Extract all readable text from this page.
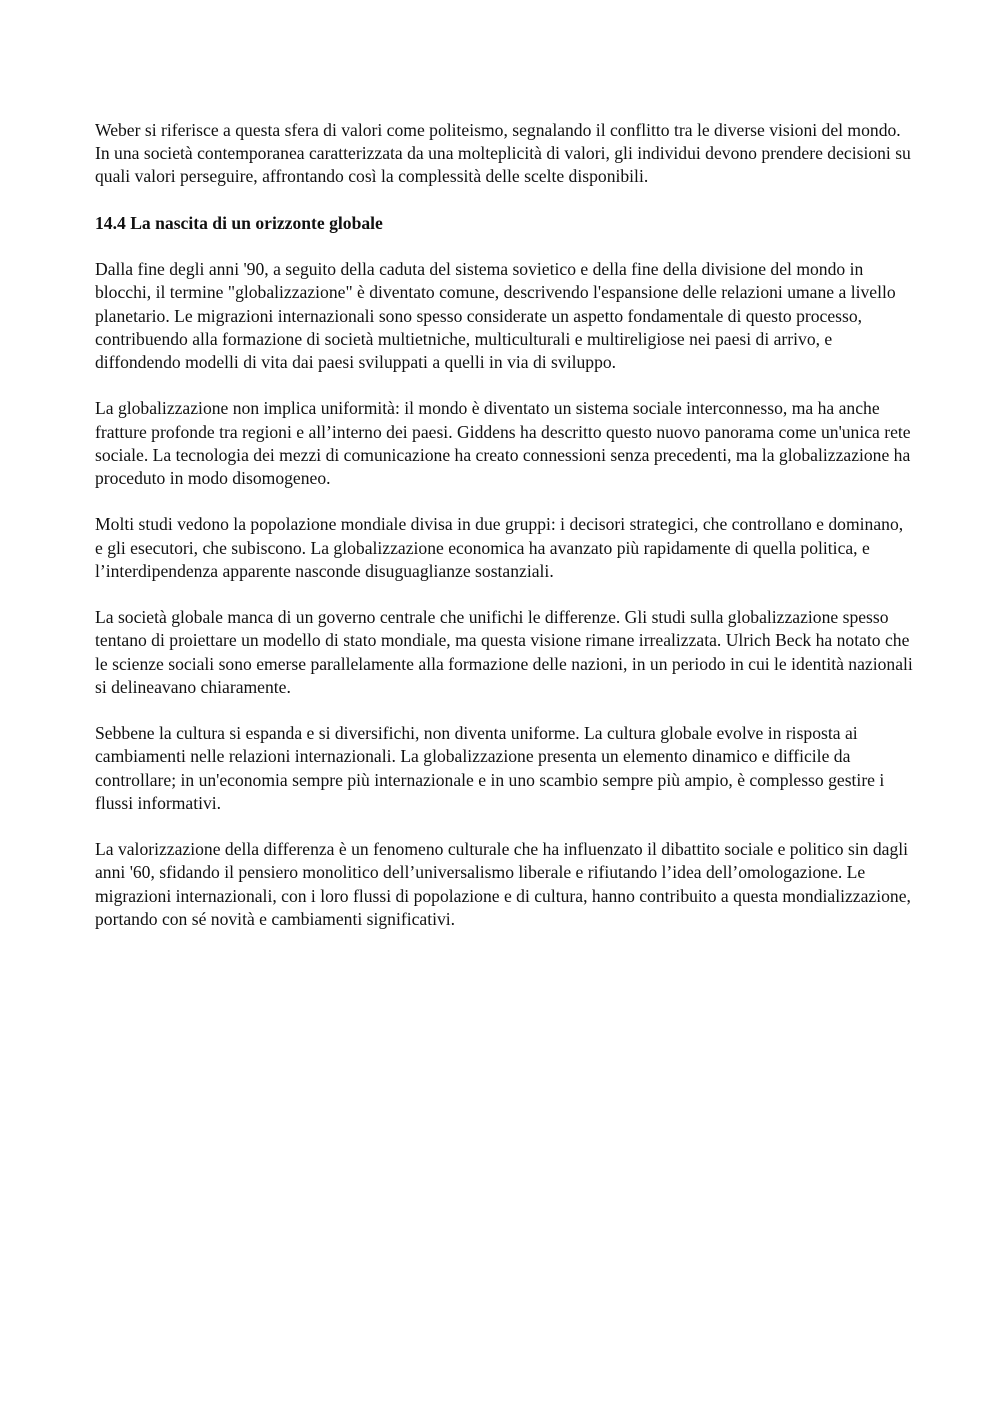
Weber si riferisce a questa sfera di valori come politeismo, segnalando il conflitto tra le diverse visioni del mondo. In una società contemporanea caratterizzata da una molteplicità di valori, gli individui devono prendere decisioni su quali valori perseguire, affrontando così la complessità delle scelte disponibili.

14.4 La nascita di un orizzonte globale

Dalla fine degli anni '90, a seguito della caduta del sistema sovietico e della fine della divisione del mondo in blocchi, il termine "globalizzazione" è diventato comune, descrivendo l'espansione delle relazioni umane a livello planetario. Le migrazioni internazionali sono spesso considerate un aspetto fondamentale di questo processo, contribuendo alla formazione di società multietniche, multiculturali e multireligiose nei paesi di arrivo, e diffondendo modelli di vita dai paesi sviluppati a quelli in via di sviluppo.

La globalizzazione non implica uniformità: il mondo è diventato un sistema sociale interconnesso, ma ha anche fratture profonde tra regioni e all’interno dei paesi. Giddens ha descritto questo nuovo panorama come un'unica rete sociale. La tecnologia dei mezzi di comunicazione ha creato connessioni senza precedenti, ma la globalizzazione ha proceduto in modo disomogeneo.

Molti studi vedono la popolazione mondiale divisa in due gruppi: i decisori strategici, che controllano e dominano, e gli esecutori, che subiscono. La globalizzazione economica ha avanzato più rapidamente di quella politica, e l’interdipendenza apparente nasconde disuguaglianze sostanziali.

La società globale manca di un governo centrale che unifichi le differenze. Gli studi sulla globalizzazione spesso tentano di proiettare un modello di stato mondiale, ma questa visione rimane irrealizzata. Ulrich Beck ha notato che le scienze sociali sono emerse parallelamente alla formazione delle nazioni, in un periodo in cui le identità nazionali si delineavano chiaramente.

Sebbene la cultura si espanda e si diversifichi, non diventa uniforme. La cultura globale evolve in risposta ai cambiamenti nelle relazioni internazionali. La globalizzazione presenta un elemento dinamico e difficile da controllare; in un'economia sempre più internazionale e in uno scambio sempre più ampio, è complesso gestire i flussi informativi.

La valorizzazione della differenza è un fenomeno culturale che ha influenzato il dibattito sociale e politico sin dagli anni '60, sfidando il pensiero monolitico dell’universalismo liberale e rifiutando l’idea dell’omologazione. Le migrazioni internazionali, con i loro flussi di popolazione e di cultura, hanno contribuito a questa mondializzazione, portando con sé novità e cambiamenti significativi.
